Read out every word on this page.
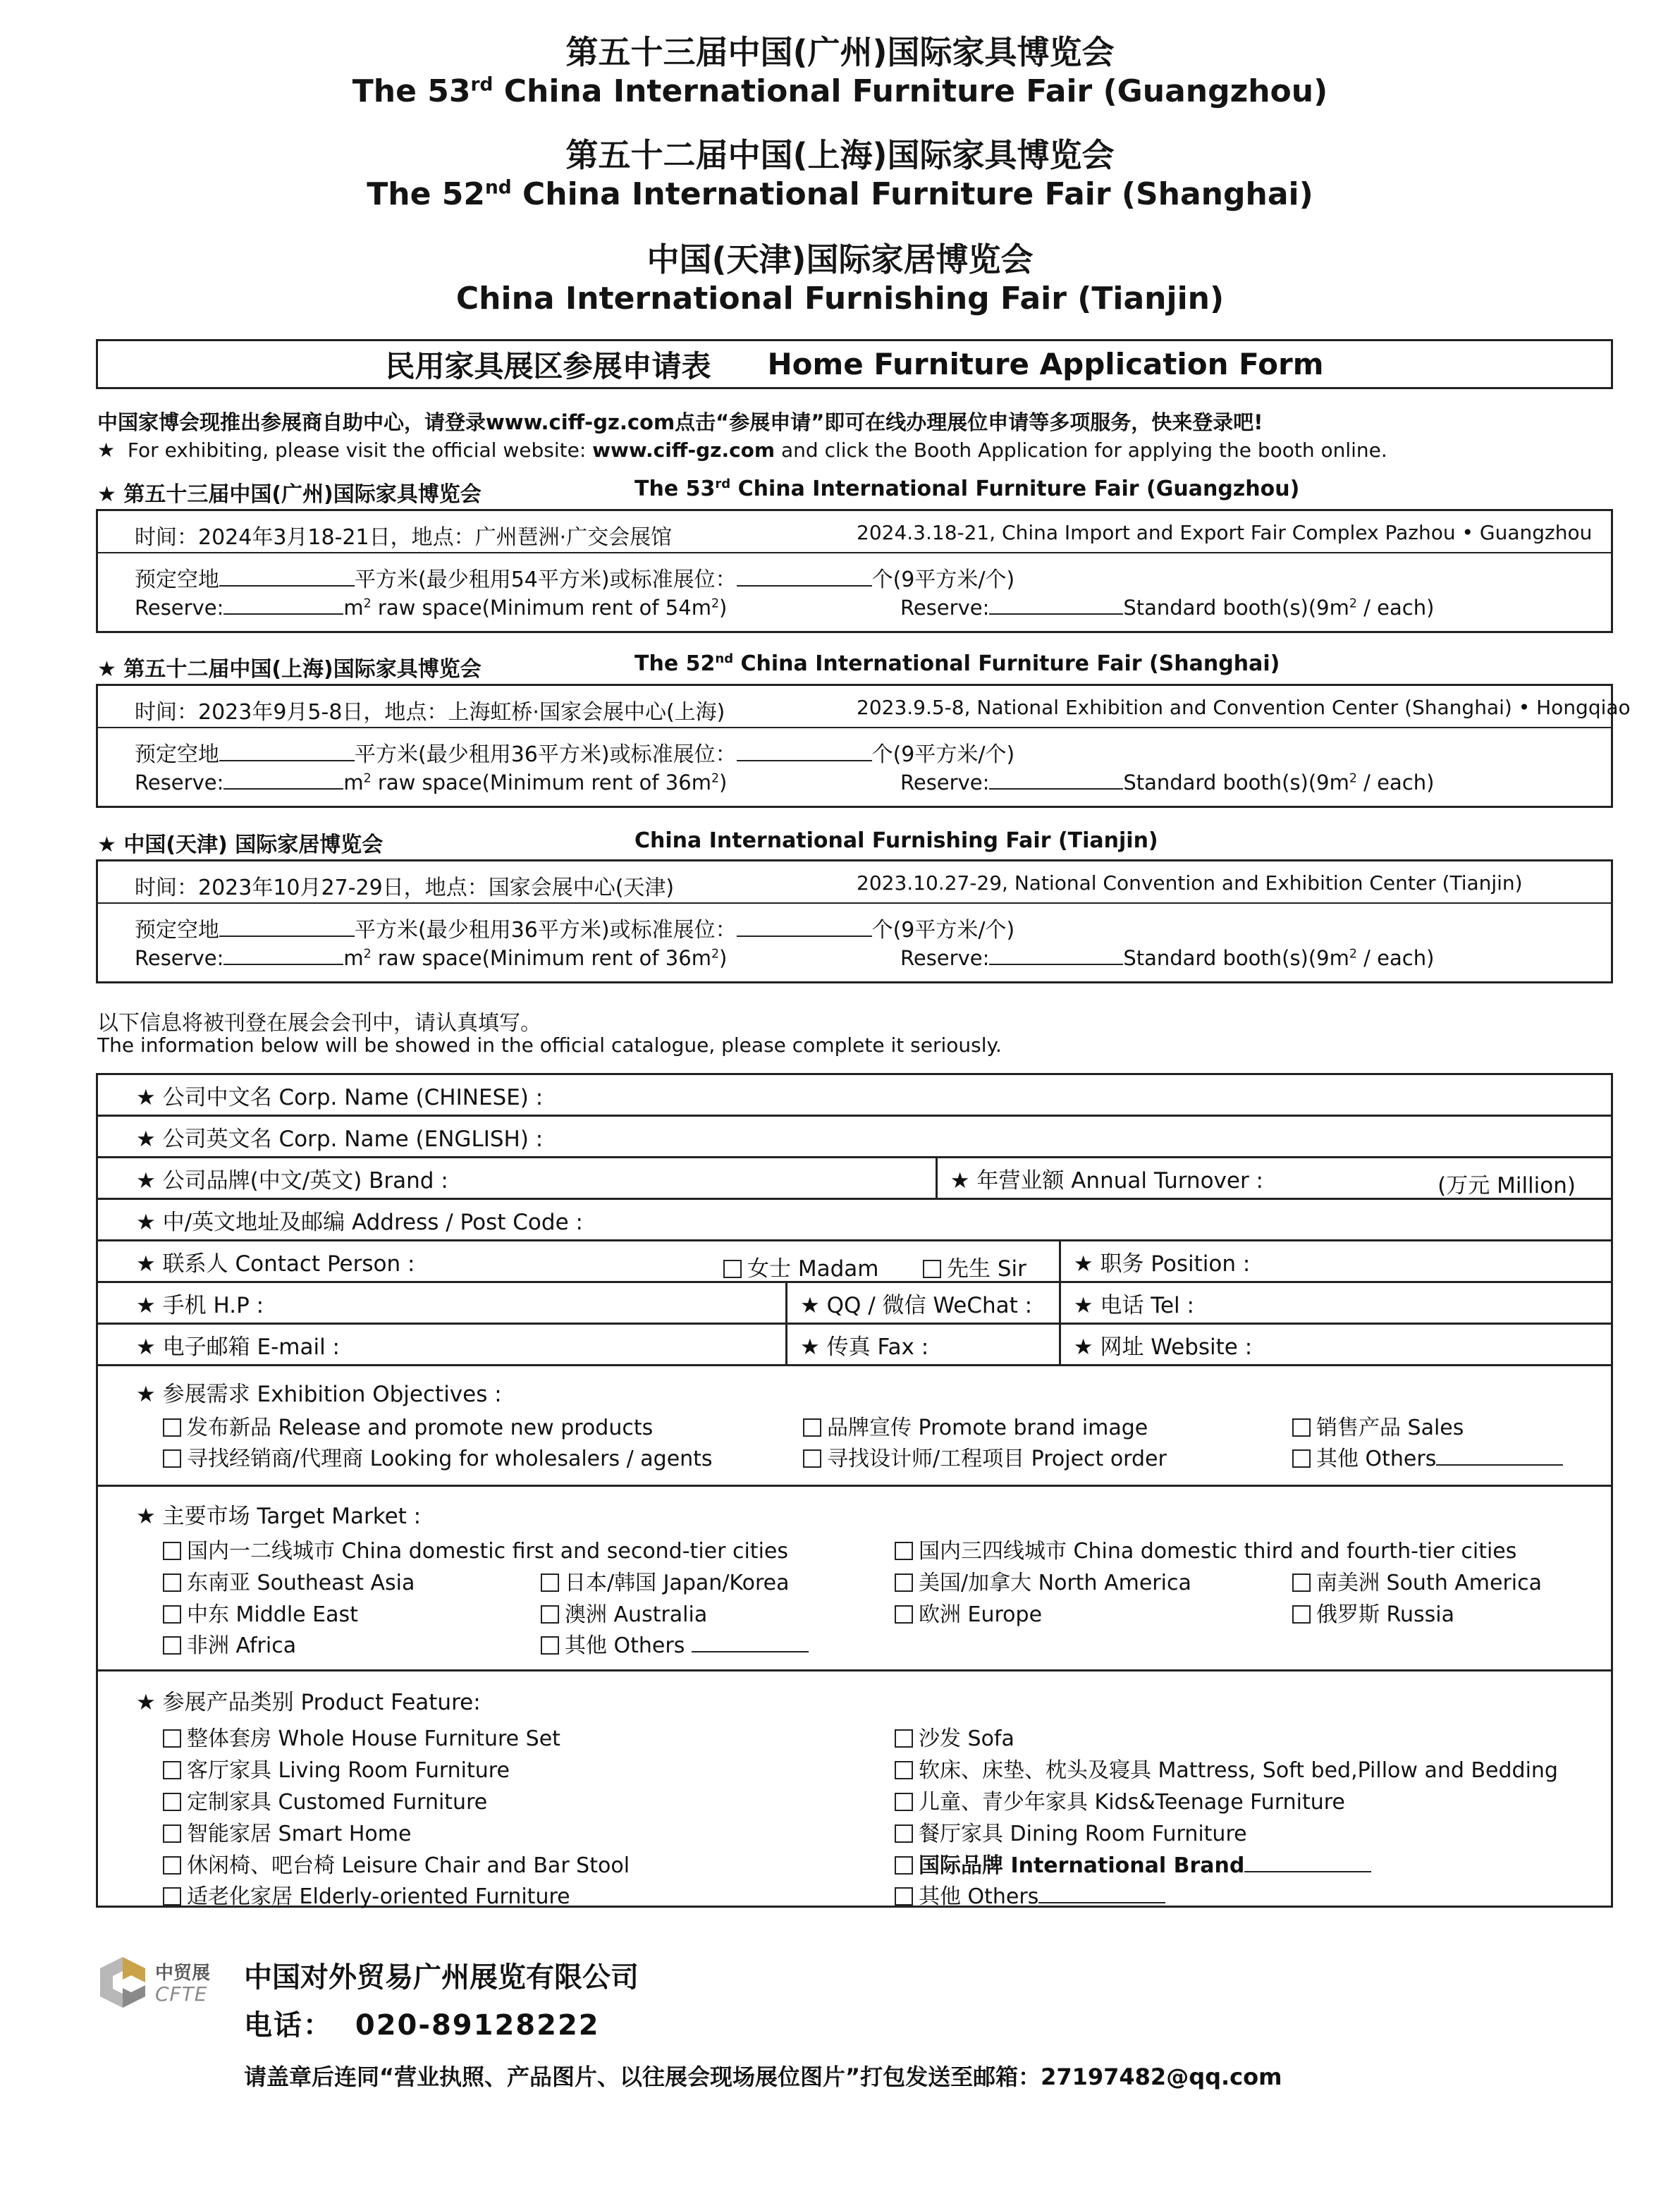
第五十三届中国(广州)国际家具博览会
The 53rd China International Furniture Fair (Guangzhou)
第五十二届中国(上海)国际家具博览会
The 52nd China International Furniture Fair (Shanghai)
中国(天津)国际家居博览会
China International Furnishing Fair (Tianjin)
民用家具展区参展申请表 Home Furniture Application Form
中国家博会现推出参展商自助中心，请登录www.ciff-gz.com点击“参展申请”即可在线办理展位申请等多项服务，快来登录吧!
★ For exhibiting, please visit the official website: www.ciff-gz.com and click the Booth Application for applying the booth online.
★ 第五十三届中国(广州)国际家具博览会	The 53rd China International Furniture Fair (Guangzhou)
时间：2024年3月18-21日，地点：广州琶洲·广交会展馆	2024.3.18-21, China Import and Export Fair Complex Pazhou • Guangzhou
预定空地	平方米(最少租用54平方米)或标准展位：	个(9平方米/个)
Reserve:	$m^2$ raw space(Minimum rent of $54m^2$)	Reserve:	Standard $booth(s)(9m^2$ / each)
★ 第五十二届中国(上海)国际家具博览会	The 52nd China International Furniture Fair (Shanghai)
时间：2023年9月5-8日，地点：上海虹桥·国家会展中心(上海)	2023.9.5-8, National Exhibition and Convention Center (Shanghai) • Hongqiao
预定空地	平方米(最少租用36平方米)或标准展位：	个(9平方米/个)
Reserve:	$m^2$ raw space(Minimum rent of $36m^2$)	Reserve:	Standard $booth(s)(9m^2$ / each)
★ 中国(天津) 国际家居博览会	China International Furnishing Fair (Tianjin)
时间：2023年10月27-29日，地点：国家会展中心(天津)	2023.10.27-29, National Convention and Exhibition Center (Tianjin)
预定空地	平方米(最少租用36平方米)或标准展位：	个(9平方米/个)
Reserve:	$m^2$ raw space(Minimum rent of $36m^2$)	Reserve:	Standard $booth(s)(9m^2$ / each)
以下信息将被刊登在展会会刊中，请认真填写。
The information below will be showed in the official catalogue, please complete it seriously.
★ 公司中文名 Corp. Name (CHINESE) :			
★ 公司英文名 Corp. Name (ENGLISH) :			
★ 公司品牌(中文/英文) Brand :		★ 年营业额 Annual Turnover : (万元 Million)	

★ 中/英文地址及邮编 Address / Post Code :			
★ 联系人 Contact Person : 女士 Madam 先生 Sir			★ 职务 Position :
★ 手机 H.P :	★ QQ / 微信 WeChat :		★ 电话 Tel :
★ 电子邮箱 E-mail :	★ 传真 Fax :		★ 网址 Website :
★ 参展需求 Exhibition Objectives :
发布新品 Release and promote new products	品牌宣传 Promote brand image	销售产品 Sales
寻找经销商/代理商 Looking for wholesalers / agents	寻找设计师/工程项目 Project order	其他 Others
★ 主要市场 Target Market :
国内一二线城市 China domestic first and second-tier cities	国内三四线城市 China domestic third and fourth-tier cities
东南亚 Southeast Asia	日本/韩国 Japan/Korea	美国/加拿大 North America	南美洲 South America
中东 Middle East	澳洲 Australia	欧洲 Europe	俄罗斯 Russia
非洲 Africa	其他 Others
★ 参展产品类别 Product Feature:
整体套房 Whole House Furniture Set
客厅家具 Living Room Furniture
定制家具 Customed Furniture
智能家居 Smart Home
休闲椅、吧台椅 Leisure Chair and Bar Stool
适老化家居 Elderly-oriented Furniture
沙发 Sofa
软床、床垫、枕头及寝具 Mattress, Soft bed,Pillow and Bedding
儿童、青少年家具 Kids&Teenage Furniture
餐厅家具 Dining Room Furniture
国际品牌 International Brand
其他 Others
中贸展
CFTE
中国对外贸易广州展览有限公司
电话： 020-89128222
请盖章后连同“营业执照、产品图片、以往展会现场展位图片”打包发送至邮箱：27197482@qq.com
